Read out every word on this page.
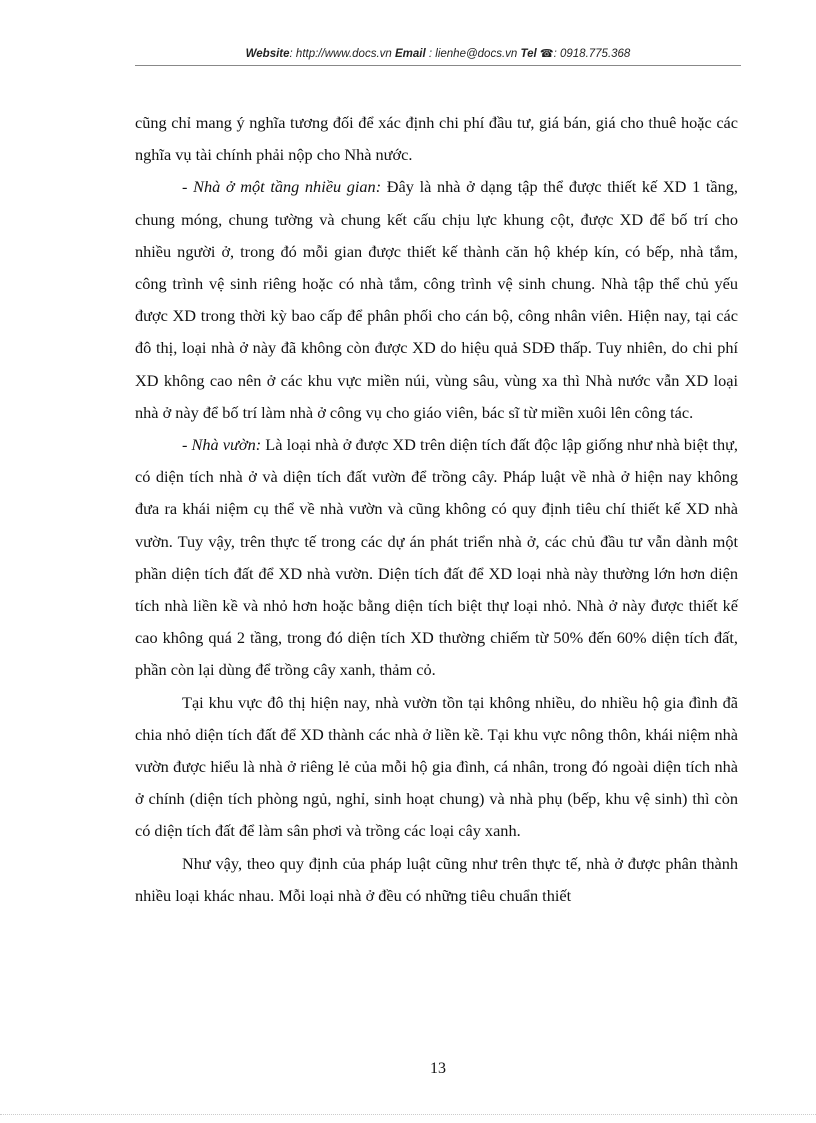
Website: http://www.docs.vn Email : lienhe@docs.vn Tel ☎: 0918.775.368

cũng chỉ mang ý nghĩa tương đối để xác định chi phí đầu tư, giá bán, giá cho thuê hoặc các nghĩa vụ tài chính phải nộp cho Nhà nước.

- Nhà ở một tầng nhiều gian: Đây là nhà ở dạng tập thể được thiết kế XD 1 tầng, chung móng, chung tường và chung kết cấu chịu lực khung cột, được XD để bố trí cho nhiều người ở, trong đó mỗi gian được thiết kế thành căn hộ khép kín, có bếp, nhà tắm, công trình vệ sinh riêng hoặc có nhà tắm, công trình vệ sinh chung. Nhà tập thể chủ yếu được XD trong thời kỳ bao cấp để phân phối cho cán bộ, công nhân viên. Hiện nay, tại các đô thị, loại nhà ở này đã không còn được XD do hiệu quả SDĐ thấp. Tuy nhiên, do chi phí XD không cao nên ở các khu vực miền núi, vùng sâu, vùng xa thì Nhà nước vẫn XD loại nhà ở này để bố trí làm nhà ở công vụ cho giáo viên, bác sĩ từ miền xuôi lên công tác.

- Nhà vườn: Là loại nhà ở được XD trên diện tích đất độc lập giống như nhà biệt thự, có diện tích nhà ở và diện tích đất vườn để trồng cây. Pháp luật về nhà ở hiện nay không đưa ra khái niệm cụ thể về nhà vườn và cũng không có quy định tiêu chí thiết kế XD nhà vườn. Tuy vậy, trên thực tế trong các dự án phát triển nhà ở, các chủ đầu tư vẫn dành một phần diện tích đất để XD nhà vườn. Diện tích đất để XD loại nhà này thường lớn hơn diện tích nhà liền kề và nhỏ hơn hoặc bằng diện tích biệt thự loại nhỏ. Nhà ở này được thiết kế cao không quá 2 tầng, trong đó diện tích XD thường chiếm từ 50% đến 60% diện tích đất, phần còn lại dùng để trồng cây xanh, thảm cỏ.

Tại khu vực đô thị hiện nay, nhà vườn tồn tại không nhiều, do nhiều hộ gia đình đã chia nhỏ diện tích đất để XD thành các nhà ở liền kề. Tại khu vực nông thôn, khái niệm nhà vườn được hiểu là nhà ở riêng lẻ của mỗi hộ gia đình, cá nhân, trong đó ngoài diện tích nhà ở chính (diện tích phòng ngủ, nghỉ, sinh hoạt chung) và nhà phụ (bếp, khu vệ sinh) thì còn có diện tích đất để làm sân phơi và trồng các loại cây xanh.

Như vậy, theo quy định của pháp luật cũng như trên thực tế, nhà ở được phân thành nhiều loại khác nhau. Mỗi loại nhà ở đều có những tiêu chuẩn thiết

13
